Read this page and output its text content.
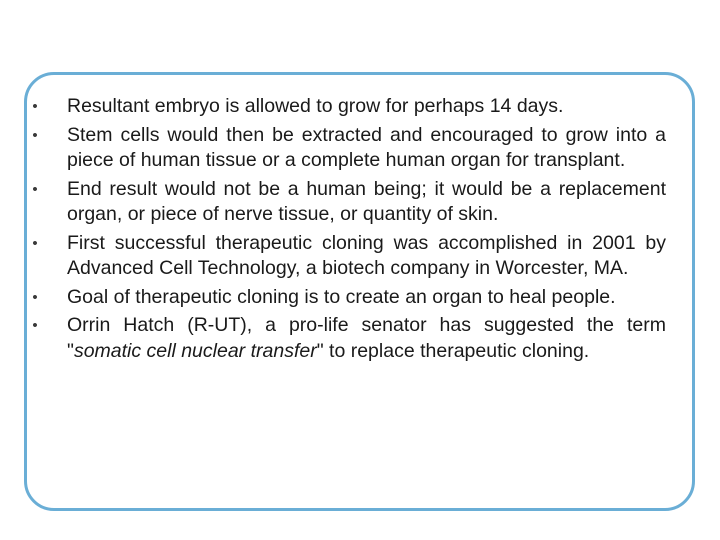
• Resultant embryo is allowed to grow for perhaps 14 days.
• Stem cells would then be extracted and encouraged to grow into a piece of human tissue or a complete human organ for transplant.
• End result would not be a human being; it would be a replacement organ, or piece of nerve tissue, or quantity of skin.
• First successful therapeutic cloning was accomplished in 2001 by Advanced Cell Technology, a biotech company in Worcester, MA.
• Goal of therapeutic cloning is to create an organ to heal people.
• Orrin Hatch (R-UT), a pro-life senator has suggested the term "somatic cell nuclear transfer" to replace therapeutic cloning.
